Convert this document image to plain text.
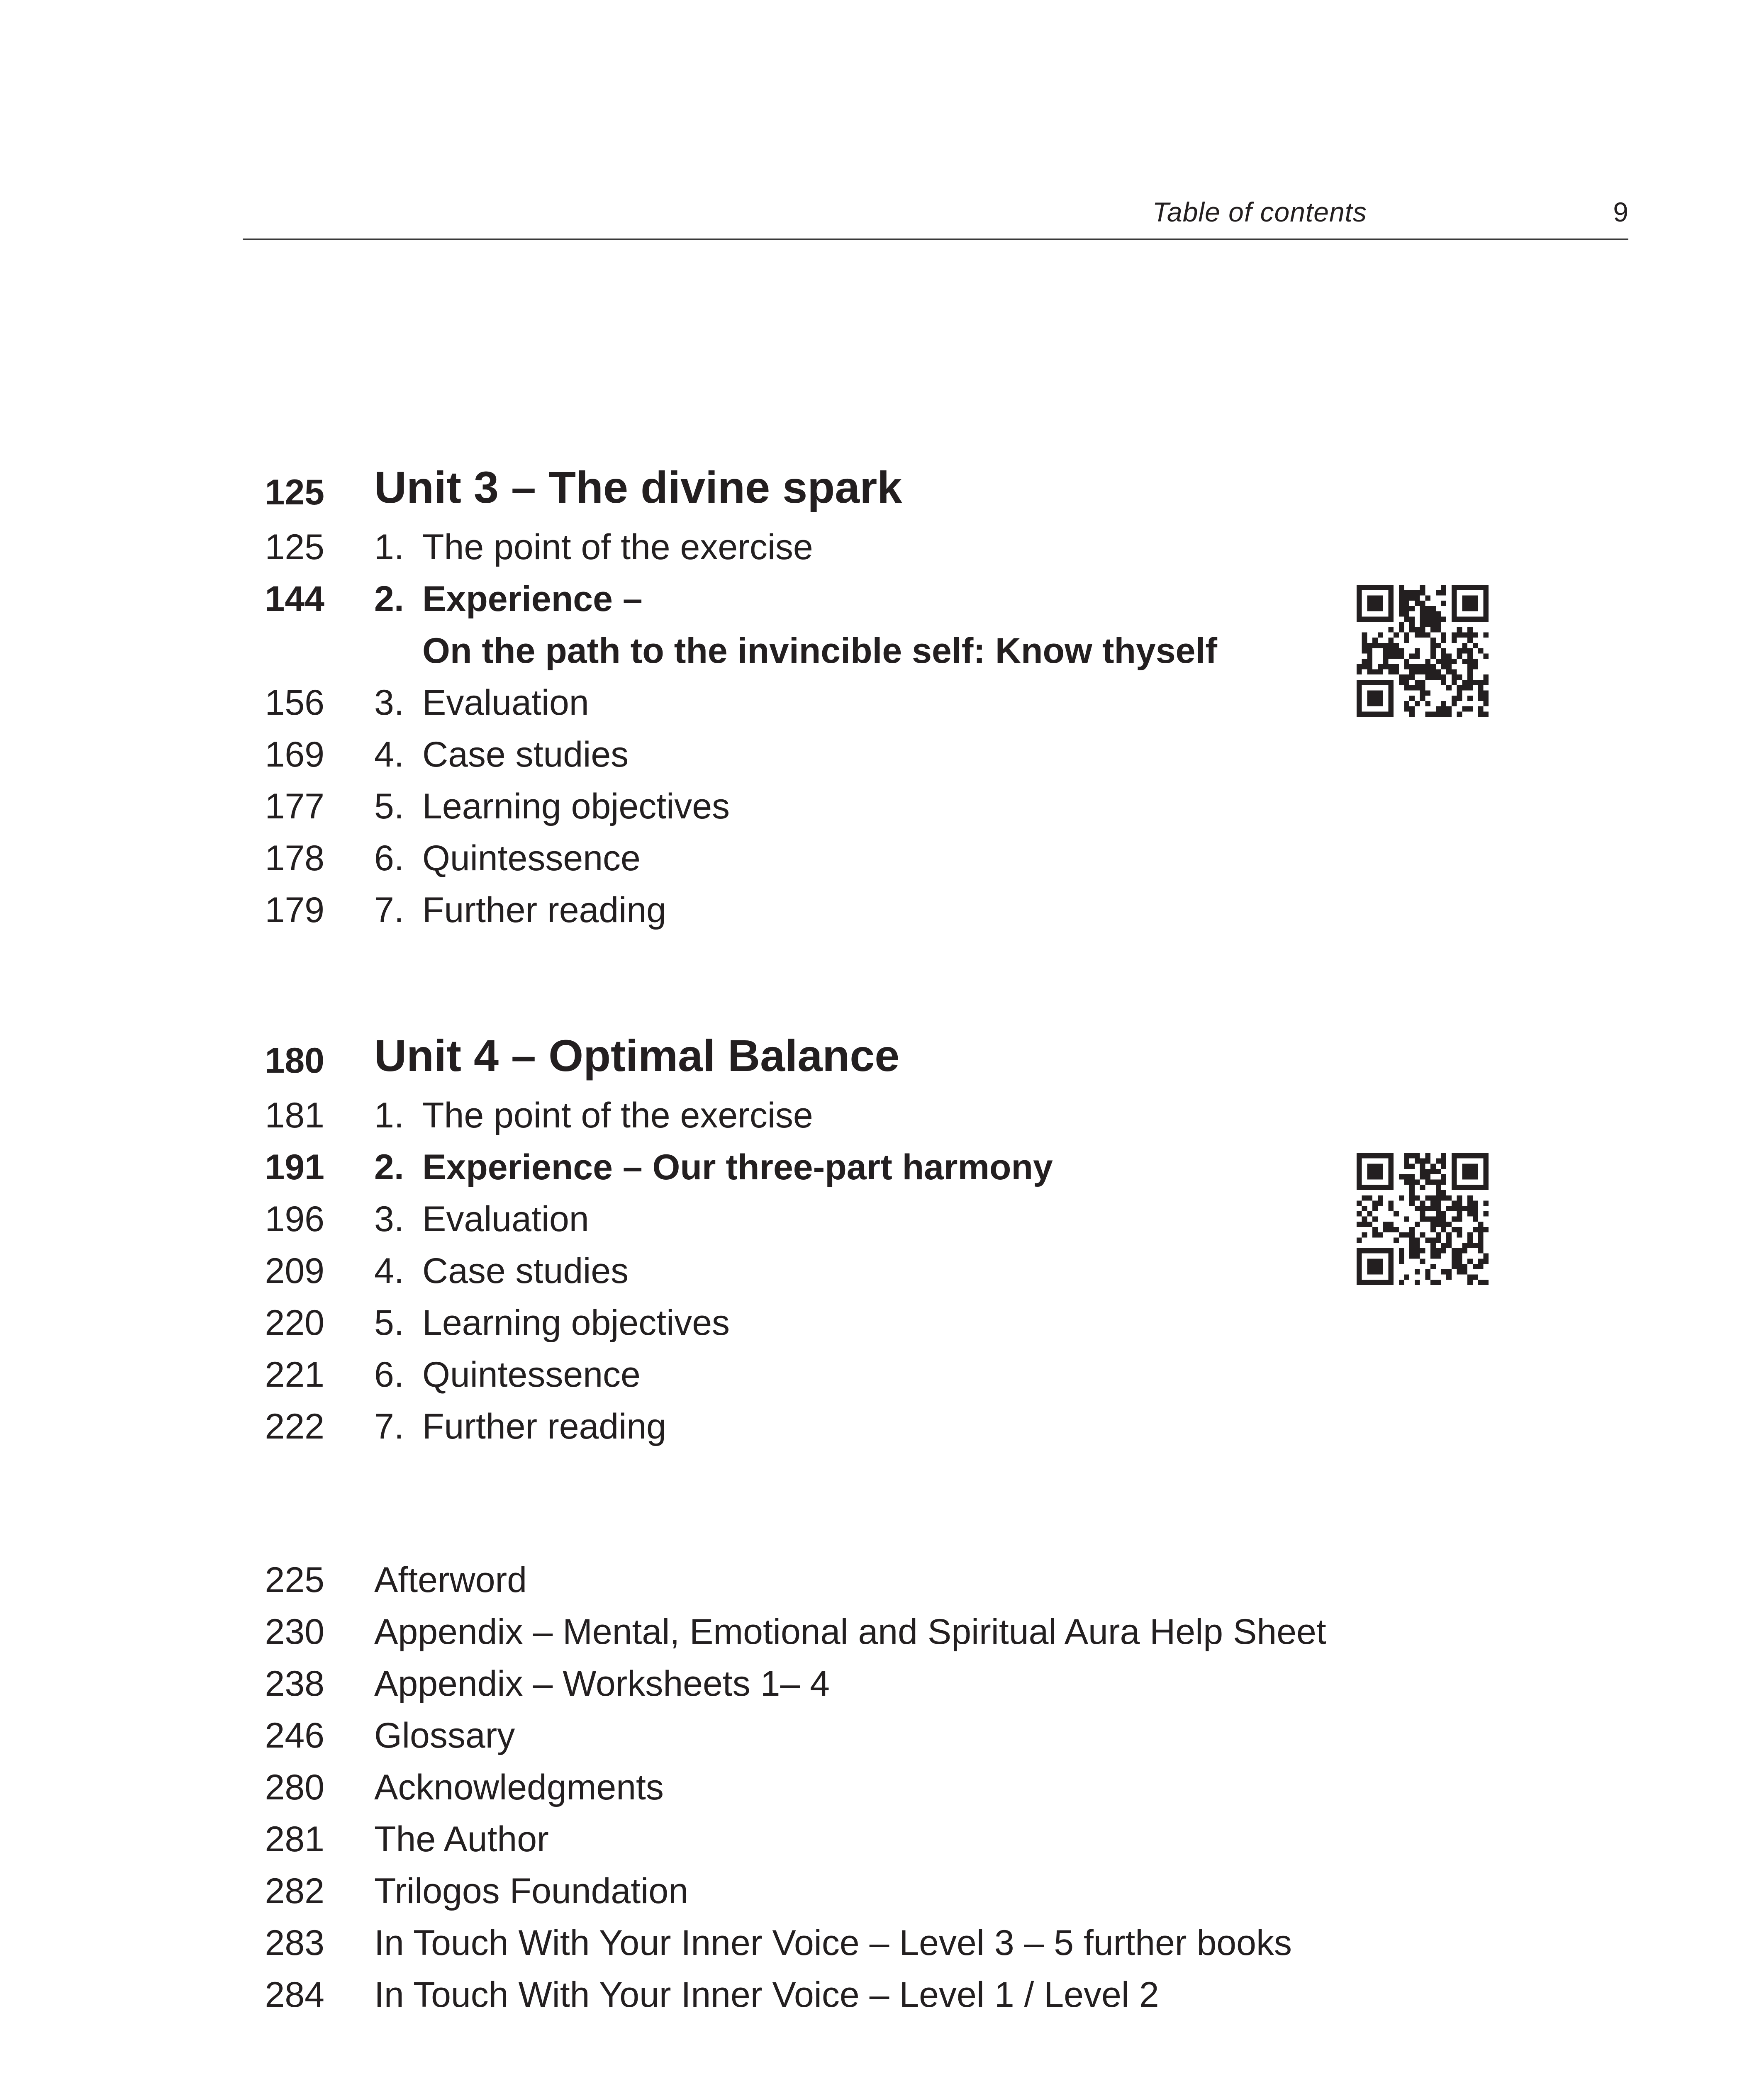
Table of contents	9
125 Unit 3 – The divine spark
125 1. The point of the exercise
144 2. Experience –
On the path to the invincible self: Know thyself
156 3. Evaluation
169 4. Case studies
177 5. Learning objectives
178 6. Quintessence
179 7. Further reading
180 Unit 4 – Optimal Balance
181 1. The point of the exercise
191 2. Experience – Our three-part harmony
196 3. Evaluation
209 4. Case studies
220 5. Learning objectives
221 6. Quintessence
222 7. Further reading
225 Afterword
230 Appendix – Mental, Emotional and Spiritual Aura Help Sheet
238 Appendix – Worksheets 1– 4
246 Glossary
280 Acknowledgments
281 The Author
282 Trilogos Foundation
283 In Touch With Your Inner Voice – Level 3 – 5 further books
284 In Touch With Your Inner Voice – Level 1 / Level 2
